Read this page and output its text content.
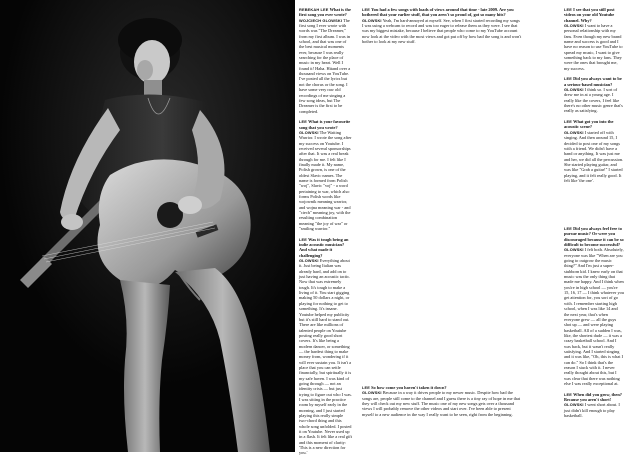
REBEKAH LEE What is the first song you ever wrote?
WOJCIECH GLOWSKI The first song I ever wrote with words was "The Dreamer," from my first album. I was in school, and that was one of the best musical moments ever, because I was really searching for the place of music in my heart. Well I found it! Haha. Hitand over a thousand views on YouTube. I've posted all the lyrics but not the chorus or the song. I have some very raw old recordings of me singing a few song ideas, but The Dreamer is the first to be completed.

LEE What is your favourite song that you wrote?
GLOWSKI The Waiting Warrior. I wrote the song after my success on Youtube. I received several sponsorships after that. It was a real break through for me. I felt like I finally made it. My name, Polish grown, is one of the oldest Slavic names. The name is formed from Polish "woj", Slavic "voj" - a word pertaining to war, which also forms Polish words like wojownik meaning warrior, and wojna meaning war - and "ciech" meaning joy, with the resulting combination meaning "the joy of war" or "smiling warrior."

LEE Was it tough being an indie acoustic musician? And what made it challenging?
GLOWSKI Everything about it. Just being Italian was already hard, and add on to just having an acoustic tactic. Now that was extremely tough. It's tough to make a living of it. You start gigging making 50 dollars a night, or playing for nothing to get to something. It's insane. Youtube helped my publicity but it's still hard to stand out. There are like millions of talented people on Youtube posting really good short covers. It's like being a modern dancer, or something — the hardest thing to make money from, wondering if it will ever sustain you. It isn't a place that you can settle financially, but spiritually it is my safe haven. I was kind of going through — not an identity crisis — but just trying to figure out who I was. I was sitting in the practice room by myself early in the morning, and I just started playing this really simple two-chord thing and this whole song unfolded. I posted it on Youtube. Never used up in a flash. It felt like a real gift and this moment of clarity: 'This is a new direction for you.'

LEE You had a few songs with loads of views around that time - late 2009. Are you bothered that your earlier stuff, that you aren't so proud of, got so many hits?
GLOWSKI Yeah, I'm hard-annoyed at myself. See, when I first started recording my songs I was using a webcam to record and was too eager to release them as they were. I see that was my biggest mistake, because I believe that people who come to my YouTube account now look at the video with the most views and got put off by how bad the song is and won't bother to look at my new stuff.

LEE So how come you haven't taken it down?
GLOWSKI Because in a way it drives people to my newer music. Despite how bad the songs are, people still come to the channel and I guess there is a tiny ray of hope in me that they will check out my new stuff. The music one of my new songs gets over a thousand views I will probably remove the other videos and start over. I've been able to present myself to a new audience in the way I really want to be seen, right from the beginning.

LEE I see that you still post videos on your old Youtube channel. Why?
GLOWSKI I want to have a personal relationship with my fans. Even though my new brand name and success is good and I have no reason to use YouTube to spread my music, I want to give something back to my fans. They were the ones that brought me, my success.

LEE Did you always want to be a serious-based musician?
GLOWSKI I think so. I sort of drew me in at a young age. I really like the covers, I feel like there's no other music genre that's really as satisfying.

LEE What got you into the acoustic scene?
GLOWSKI I started off with singing. And then around 15, I decided to post one of my songs with a friend. We didn't have a band or anything. It was just me and her, we did all the percussion. She started playing guitar, and was like "Grab a guitar!" I started playing, and it felt really good. It felt like 'the one'.

LEE Did you always feel free to pursue music? Or were you discouraged because it can be so difficult to become successful?
GLOWSKI I felt both. Absolutely, everyone was like "When are you going to outgrow the music thing?" And I'm just a super-stubborn kid. I knew early on that music was the only thing that made me happy. And I think when you're in high school — you're 15, 16, 17 — I think whatever you get attention for, you sort of go with. I remember starting high school, when I was like 14 and the next year, that's when everyone grew — all the guys shot up — and were playing basketball. All of a sudden I was, like, the shortest dude — it was a crazy basketball school. And I was back, but it wasn't really satisfying. And I started singing and it was like, "Oh, this is what I can do." So I think that's the reason I stuck with it. I never really thought about this, but I was clear that there was nothing else I was really exceptional at.

LEE When did you grow, then? Because you aren't short!
GLOWSKI I went short about. I just didn't kill enough to play basketball.
